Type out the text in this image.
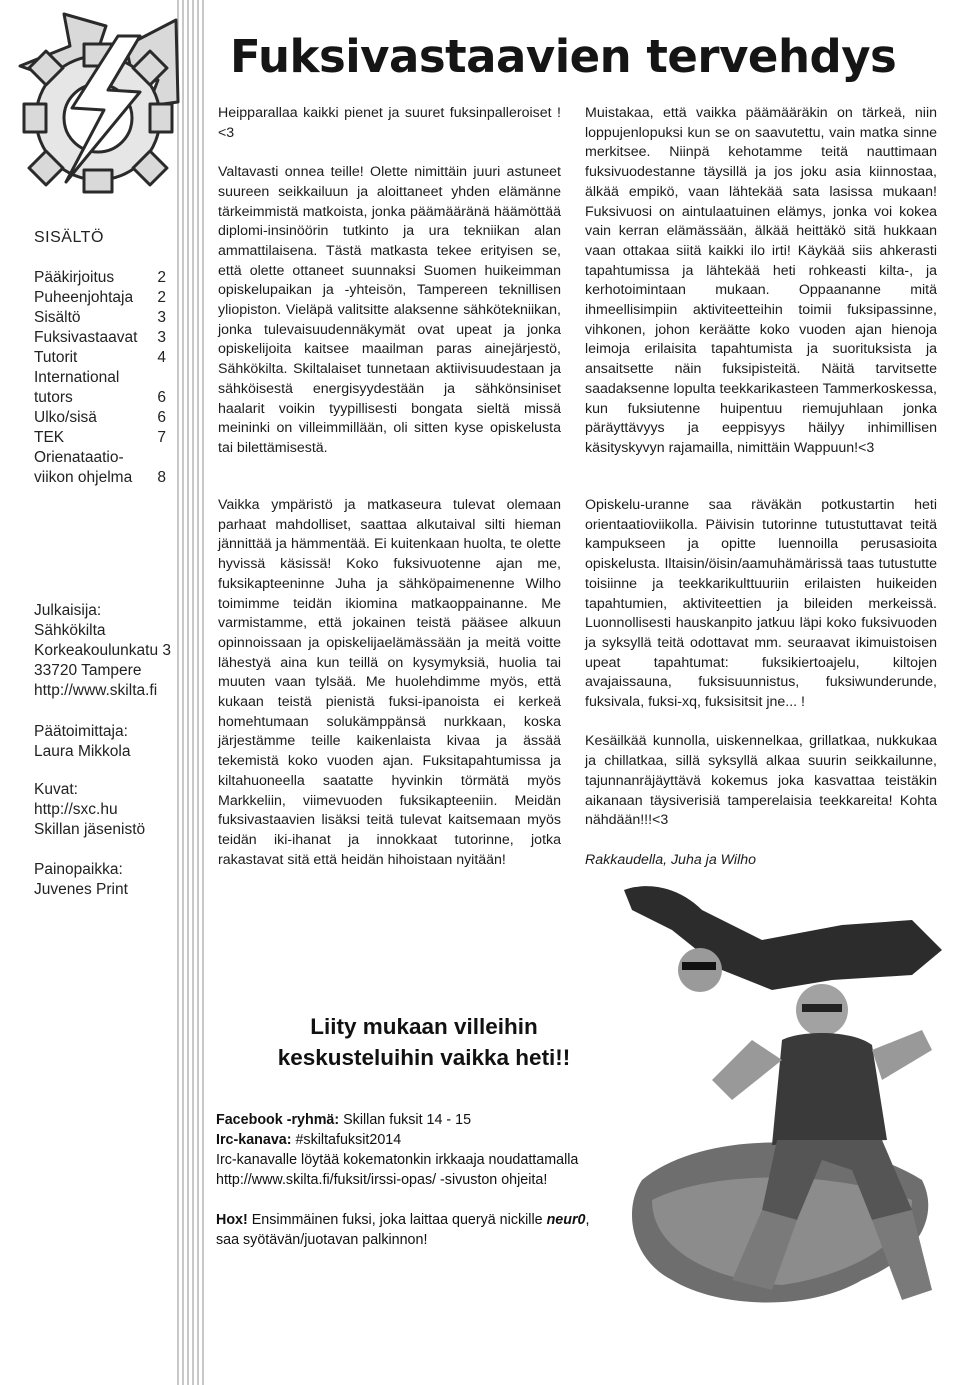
SISÄLTÖ
Pääkirjoitus	2
Puheenjohtaja 2
Sisältö	3
Fuksivastaavat 3
Tutorit	4
International
tutors	6
Ulko/sisä	6
TEK	7
Orienataatio-
viikon ohjelma 8
Julkaisija:
Sähkökilta
Korkeakoulunkatu 3
33720 Tampere
http://www.skilta.fi
Päätoimittaja:
Laura Mikkola
Kuvat:
http://sxc.hu
Skillan jäsenistö
Painopaikka:
Juvenes Print
Fuksivastaavien tervehdys

Heipparallaa kaikki pienet ja suuret fuksinpalleroiset ! <3

Valtavasti onnea teille! Olette nimittäin juuri astuneet suureen seikkailuun ja aloittaneet yhden elämänne tärkeimmistä matkoista, jonka päämääränä häämöttää diplomi-insinöörin tutkinto ja ura tekniikan alan ammattilaisena. Tästä matkasta tekee erityisen se, että olette ottaneet suunnaksi Suomen huikeimman opiskelupaikan ja -yhteisön, Tampereen teknillisen yliopiston. Vieläpä valitsitte alaksenne sähkötekniikan, jonka tulevaisuudennäkymät ovat upeat ja jonka opiskelijoita kaitsee maailman paras ainejärjestö, Sähkökilta. Skiltalaiset tunnetaan aktiivisuudestaan ja sähköisestä energisyydestään ja sähkönsiniset haalarit voikin tyypillisesti bongata sieltä missä meininki on villeimmillään, oli sitten kyse opiskelusta tai bilettämisestä.

Vaikka ympäristö ja matkaseura tulevat olemaan parhaat mahdolliset, saattaa alkutaival silti hieman jännittää ja hämmentää. Ei kuitenkaan huolta, te olette hyvissä käsissä! Koko fuksivuotenne ajan me, fuksikapteeninne Juha ja sähköpaimenenne Wilho toimimme teidän ikiomina matkaoppainanne. Me varmistamme, että jokainen teistä pääsee alkuun opinnoissaan ja opiskelijaelämässään ja meitä voitte lähestyä aina kun teillä on kysymyksiä, huolia tai muuten vaan tylsää. Me huolehdimme myös, että kukaan teistä pienistä fuksi-ipanoista ei kerkeä homehtumaan solukämppänsä nurkkaan, koska järjestämme teille kaikenlaista kivaa ja ässää tekemistä koko vuoden ajan. Fuksitapahtumissa ja kiltahuoneella saatatte hyvinkin törmätä myös Markkeliin, viimevuoden fuksikapteeniin. Meidän fuksivastaavien lisäksi teitä tulevat kaitsemaan myös teidän iki-ihanat ja innokkaat tutorinne, jotka rakastavat sitä että heidän hihoistaan nyitään!

Muistakaa, että vaikka päämääräkin on tärkeä, niin loppujenlopuksi kun se on saavutettu, vain matka sinne merkitsee. Niinpä kehotamme teitä nauttimaan fuksivuodestanne täysillä ja jos joku asia kiinnostaa, älkää empikö, vaan lähtekää sata lasissa mukaan! Fuksivuosi on aintulaatuinen elämys, jonka voi kokea vain kerran elämässään, älkää heittäkö sitä hukkaan vaan ottakaa siitä kaikki ilo irti! Käykää siis ahkerasti tapahtumissa ja lähtekää heti rohkeasti kilta-, ja kerhotoimintaan mukaan. Oppaananne mitä ihmeellisimpiin aktiviteetteihin toimii fuksipassinne, vihkonen, johon keräätte koko vuoden ajan hienoja leimoja erilaisita tapahtumista ja suorituksista ja ansaitsette näin fuksipisteitä. Näitä tarvitsette saadaksenne lopulta teekkarikasteen Tammerkoskessa, kun fuksiutenne huipentuu riemujuhlaan jonka päräyttävyys ja eeppisyys häilyy inhimillisen käsityskyvyn rajamailla, nimittäin Wappuun!<3

Opiskelu-uranne saa räväkän potkustartin heti orientaatioviikolla. Päivisin tutorinne tutustuttavat teitä kampukseen ja opitte luennoilla perusasioita opiskelusta. Iltaisin/öisin/aamuhämärissä taas tutustutte toisiinne ja teekkarikulttuuriin erilaisten huikeiden tapahtumien, aktiviteettien ja bileiden merkeissä. Luonnollisesti hauskanpito jatkuu läpi koko fuksivuoden ja syksyllä teitä odottavat mm. seuraavat ikimuistoisen upeat tapahtumat: fuksikiertoajelu, kiltojen avajaissauna, fuksisuunnistus, fuksiwunderunde, fuksivala, fuksi-xq, fuksisitsit jne... !

Kesäilkää kunnolla, uiskennelkaa, grillatkaa, nukkukaa ja chillatkaa, sillä syksyllä alkaa suurin seikkailunne, tajunnanräjäyttävä kokemus joka kasvattaa teistäkin aikanaan täysiverisiä tamperelaisia teekkareita! Kohta nähdään!!!<3

Rakkaudella, Juha ja Wilho

Liity mukaan villeihin
keskusteluihin vaikka heti!!

Facebook -ryhmä: Skillan fuksit 14 - 15

Irc-kanava: #skiltafuksit2014

Irc-kanavalle löytää kokematonkin irkkaaja noudattamalla

http://www.skilta.fi/fuksit/irssi-opas/ -sivuston ohjeita!

Hox! Ensimmäinen fuksi, joka laittaa queryä nickille neur0,

saa syötävän/juotavan palkinnon!
